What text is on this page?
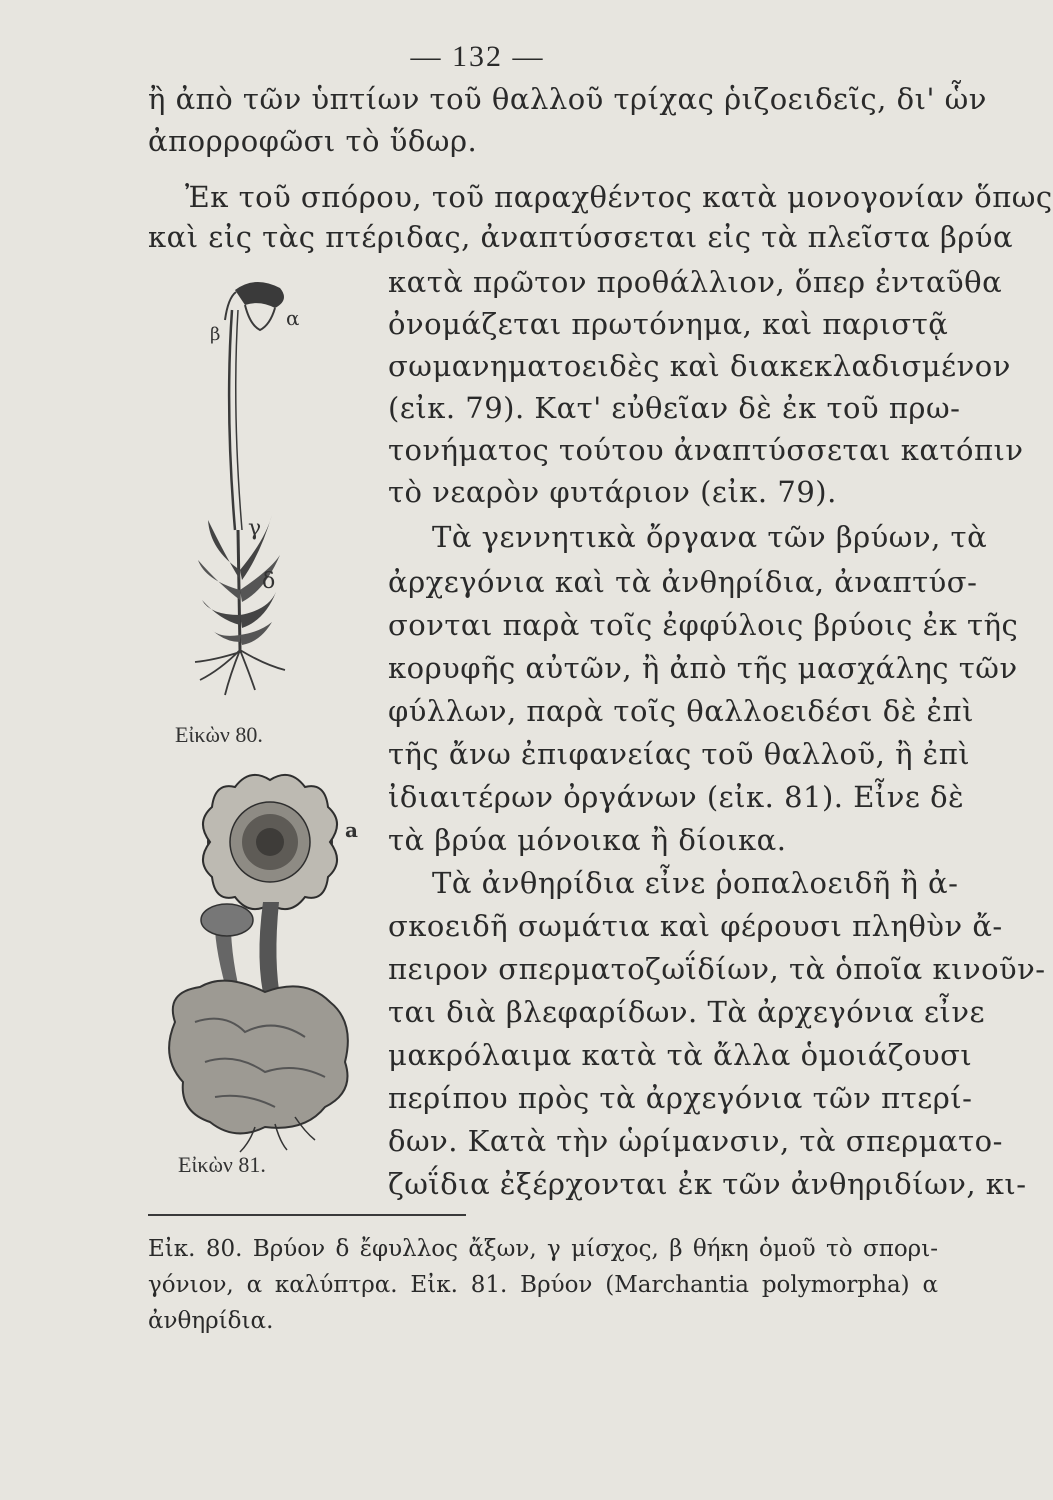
— 132 —
ἢ ἀπὸ τῶν ὑπτίων τοῦ θαλλοῦ τρίχας ῥιζοειδεῖς, δι' ὧν
ἀπορροφῶσι τὸ ὕδωρ.
Ἐκ τοῦ σπόρου, τοῦ παραχθέντος κατὰ μονογονίαν ὅπως
καὶ εἰς τὰς πτέριδας, ἀναπτύσσεται εἰς τὰ πλεῖστα βρύα
κατὰ πρῶτον προθάλλιον, ὅπερ ἐνταῦθα
ὀνομάζεται πρωτόνημα, καὶ παριστᾷ
σωμανηματοειδὲς καὶ διακεκλαδισμένον
(εἰκ. 79). Κατ' εὐθεῖαν δὲ ἐκ τοῦ πρω-
τονήματος τούτου ἀναπτύσσεται κατόπιν
τὸ νεαρὸν φυτάριον (εἰκ. 79).
Τὰ γεννητικὰ ὄργανα τῶν βρύων, τὰ
ἀρχεγόνια καὶ τὰ ἀνθηρίδια, ἀναπτύσ-
σονται παρὰ τοῖς ἐφφύλοις βρύοις ἐκ τῆς
κορυφῆς αὐτῶν, ἢ ἀπὸ τῆς μασχάλης τῶν
φύλλων, παρὰ τοῖς θαλλοειδέσι δὲ ἐπὶ
τῆς ἄνω ἐπιφανείας τοῦ θαλλοῦ, ἢ ἐπὶ
ἰδιαιτέρων ὀργάνων (εἰκ. 81). Εἶνε δὲ
τὰ βρύα μόνοικα ἢ δίοικα.
Τὰ ἀνθηρίδια εἶνε ῥοπαλοειδῆ ἢ ἀ-
σκοειδῆ σωμάτια καὶ φέρουσι πληθὺν ἄ-
πειρον σπερματοζωΐδίων, τὰ ὁποῖα κινοῦν-
ται διὰ βλεφαρίδων. Τὰ ἀρχεγόνια εἶνε
μακρόλαιμα κατὰ τὰ ἄλλα ὁμοιάζουσι
περίπου πρὸς τὰ ἀρχεγόνια τῶν πτερί-
δων. Κατὰ τὴν ὡρίμανσιν, τὰ σπερματο-
ζωΐδια ἐξέρχονται ἐκ τῶν ἀνθηριδίων, κι-
α
β
γ
δ
Εἰκὼν 80.
a
Εἰκὼν 81.
Εἰκ. 80. Βρύον δ ἔφυλλος ἄξων, γ μίσχος, β θήκη ὁμοῦ τὸ σπορι-
γόνιον, α καλύπτρα. Εἰκ. 81. Βρύον (Marchantia polymorpha) α
ἀνθηρίδια.
